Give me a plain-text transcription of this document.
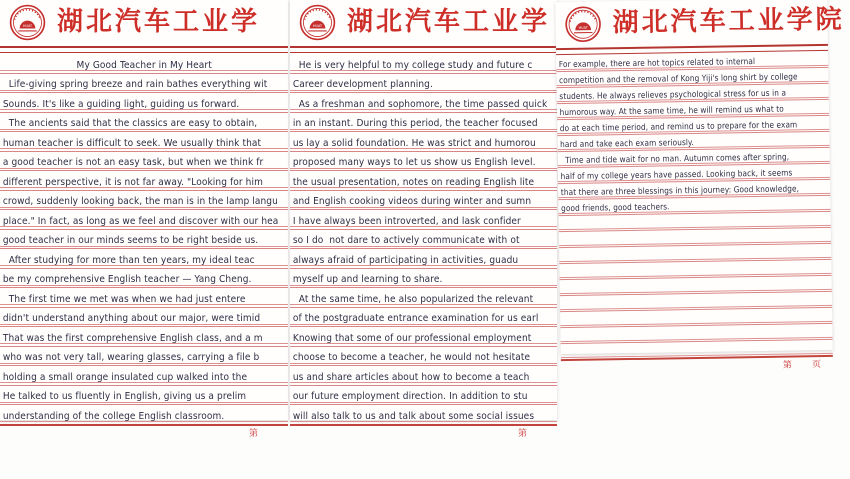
HUAT 湖北汽车工业学
My Good Teacher in My Heart
Life-giving spring breeze and rain bathes everything wit
Sounds. It's like a guiding light, guiding us forward.
The ancients said that the classics are easy to obtain,
human teacher is difficult to seek. We usually think that
a good teacher is not an easy task, but when we think fr
different perspective, it is not far away. "Looking for him
crowd, suddenly looking back, the man is in the lamp langu
place." In fact, as long as we feel and discover with our hea
good teacher in our minds seems to be right beside us.
After studying for more than ten years, my ideal teac
be my comprehensive English teacher — Yang Cheng.
The first time we met was when we had just entere
didn't understand anything about our major, were timid
That was the first comprehensive English class, and a m
who was not very tall, wearing glasses, carrying a file b
holding a small orange insulated cup walked into the
He talked to us fluently in English, giving us a prelim
understanding of the college English classroom.
第
HUAT 湖北汽车工业学
He is very helpful to my college study and future c
Career development planning.
As a freshman and sophomore, the time passed quick
in an instant. During this period, the teacher focused
us lay a solid foundation. He was strict and humorou
proposed many ways to let us show us English level.
the usual presentation, notes on reading English lite
and English cooking videos during winter and sumn
I have always been introverted, and lask confider
so I do  not dare to actively communicate with ot
always afraid of participating in activities, guadu
myself up and learning to share.
At the same time, he also popularized the relevant
of the postgraduate entrance examination for us earl
Knowing that some of our professional employment
choose to become a teacher, he would not hesitate
us and share articles about how to become a teach
our future employment direction. In addition to stu
will also talk to us and talk about some social issues
第
HUAT 湖北汽车工业学院
For example, there are hot topics related to internal
competition and the removal of Kong Yiji's long shirt by college
students. He always relieves psychological stress for us in a
humorous way. At the same time, he will remind us what to
do at each time period, and remind us to prepare for the exam
hard and take each exam seriously.
Time and tide wait for no man. Autumn comes after spring,
half of my college years have passed. Looking back, it seems
that there are three blessings in this journey: Good knowledge,
good friends, good teachers.
第       页
